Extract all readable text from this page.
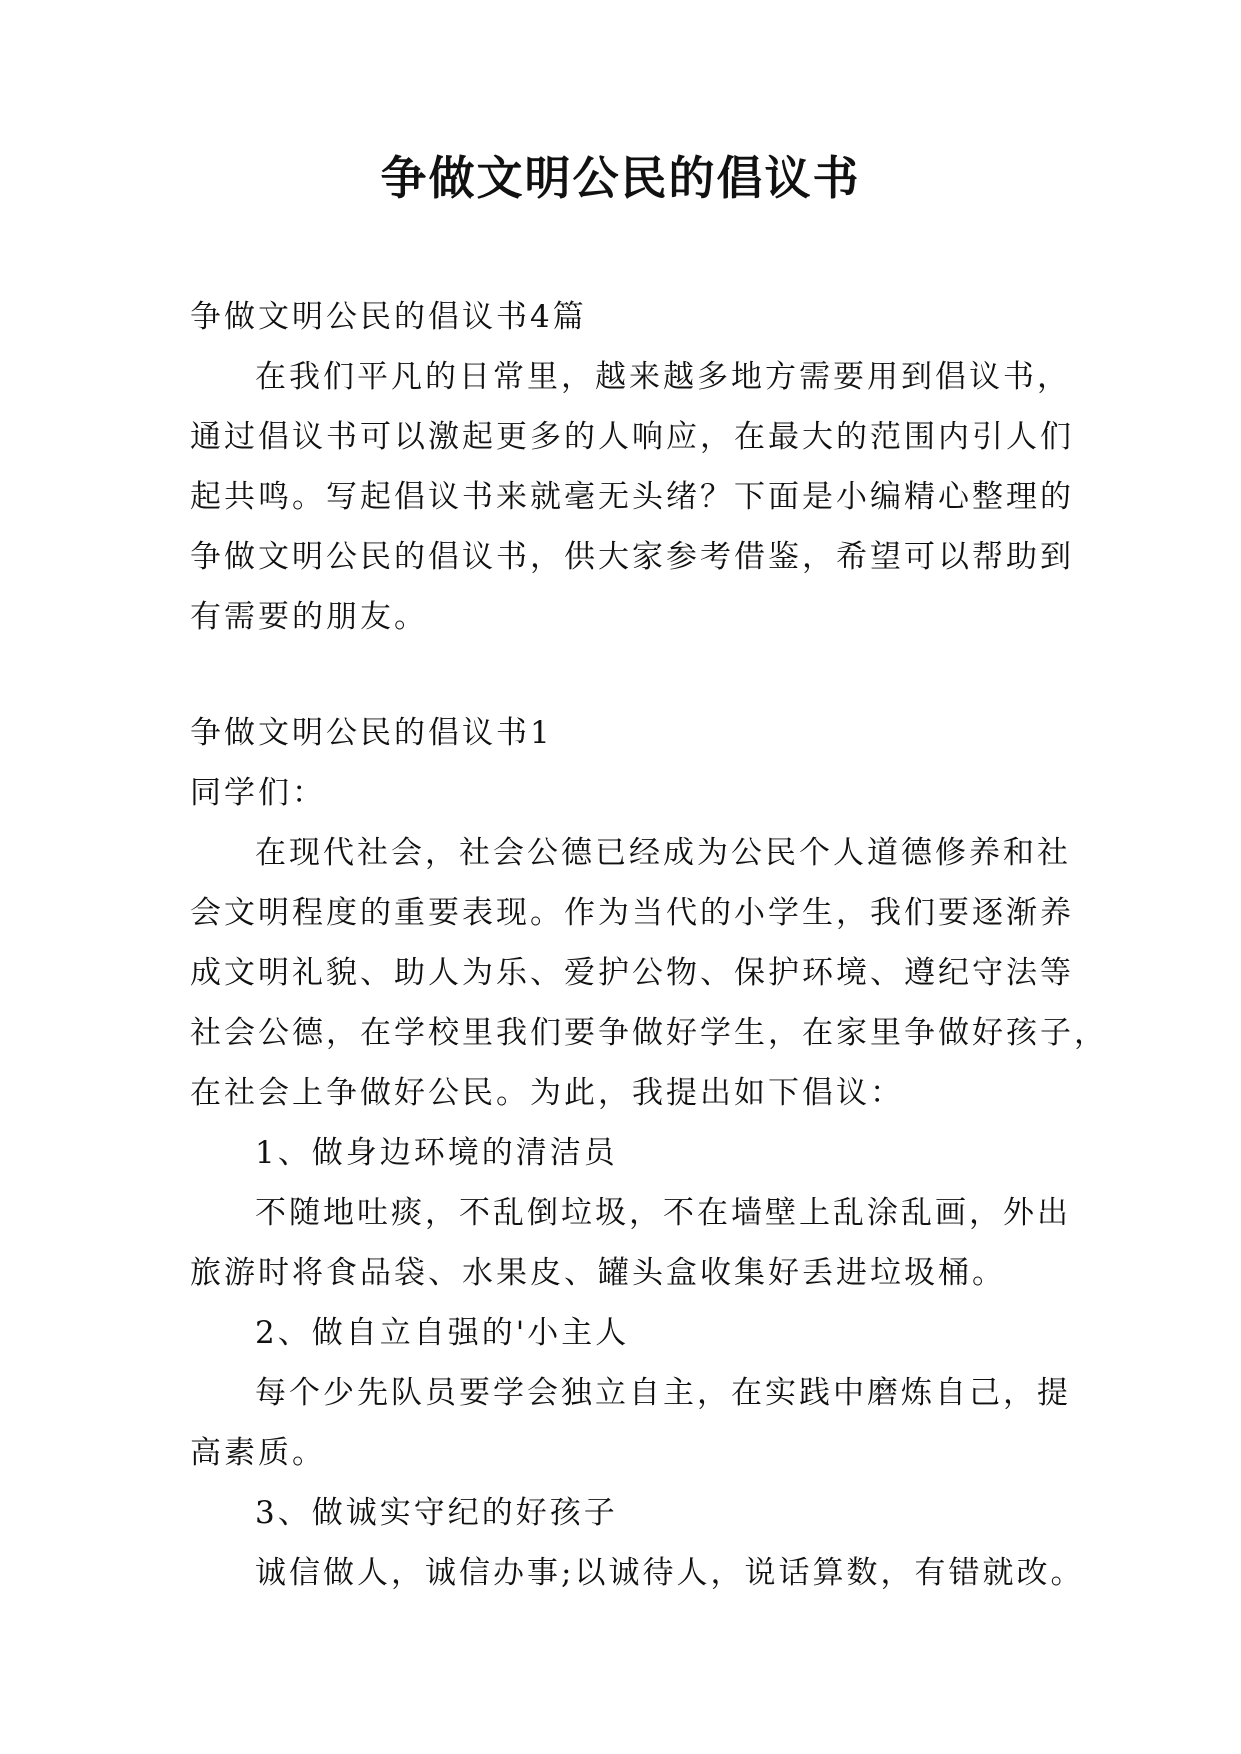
争做文明公民的倡议书
争做文明公民的倡议书4篇
在我们平凡的日常里，越来越多地方需要用到倡议书，
通过倡议书可以激起更多的人响应，在最大的范围内引人们
起共鸣。写起倡议书来就毫无头绪？下面是小编精心整理的
争做文明公民的倡议书，供大家参考借鉴，希望可以帮助到
有需要的朋友。
争做文明公民的倡议书1
同学们：
在现代社会，社会公德已经成为公民个人道德修养和社
会文明程度的重要表现。作为当代的小学生，我们要逐渐养
成文明礼貌、助人为乐、爱护公物、保护环境、遵纪守法等
社会公德，在学校里我们要争做好学生，在家里争做好孩子，
在社会上争做好公民。为此，我提出如下倡议：
1、做身边环境的清洁员
不随地吐痰，不乱倒垃圾，不在墙壁上乱涂乱画，外出
旅游时将食品袋、水果皮、罐头盒收集好丢进垃圾桶。
2、做自立自强的'小主人
每个少先队员要学会独立自主，在实践中磨炼自己，提
高素质。
3、做诚实守纪的好孩子
诚信做人，诚信办事;以诚待人，说话算数，有错就改。
